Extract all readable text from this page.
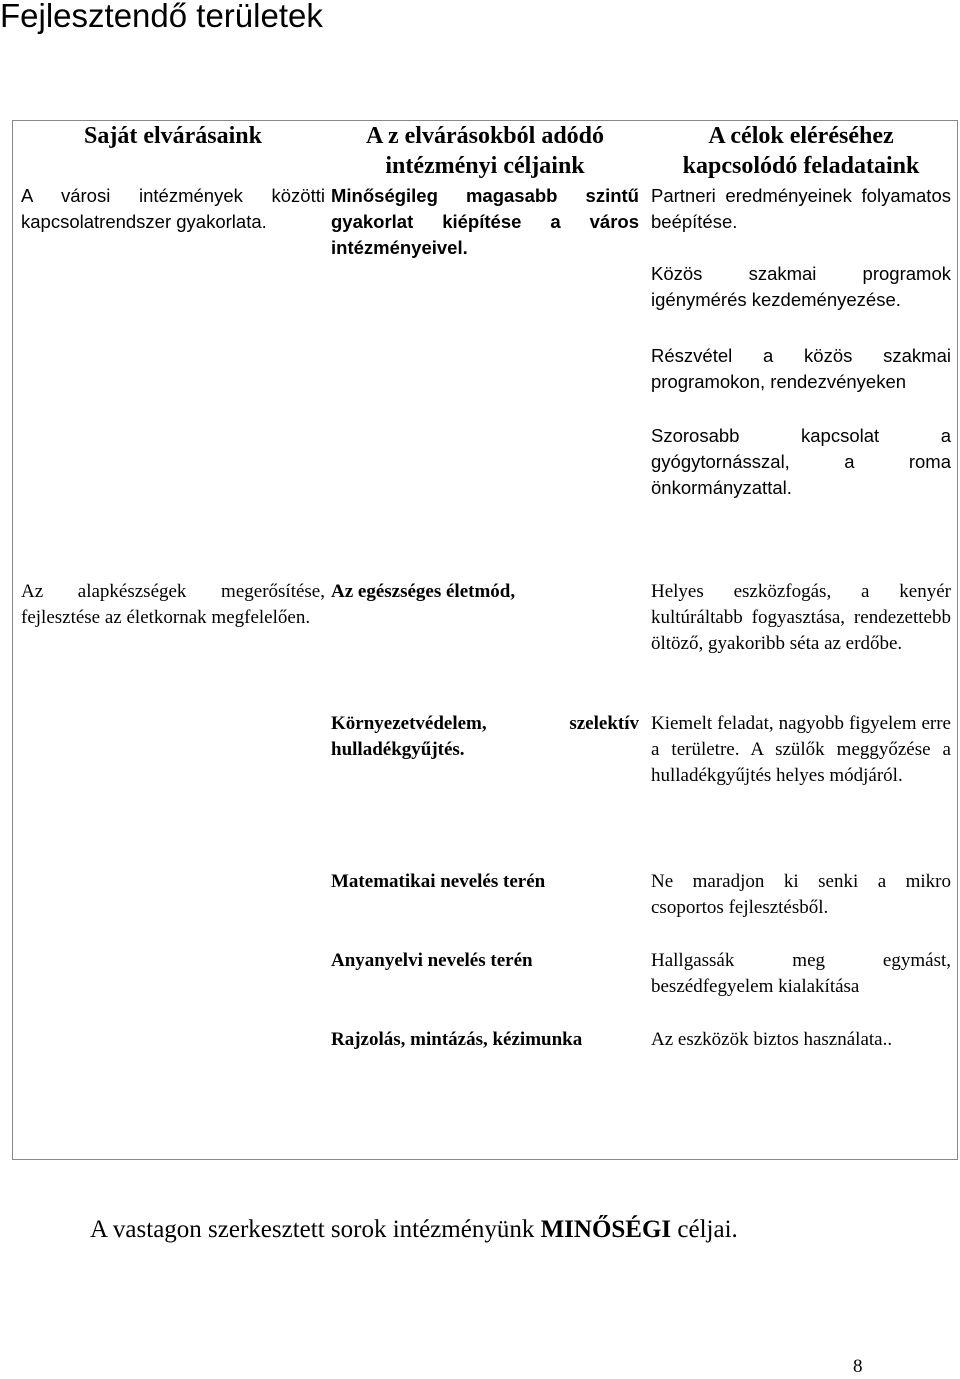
Fejlesztendő területek
Saját elvárásaink
A városi intézmények közötti kapcsolatrendszer gyakorlata.
Az alapkészségek megerősítése, fejlesztése az életkornak megfelelően.
A z elvárásokból adódó intézményi céljaink
Minőségileg magasabb szintű gyakorlat kiépítése a város intézményeivel.
Az egészséges életmód,
Környezetvédelem, szelektív hulladékgyűjtés.
Matematikai nevelés terén
Anyanyelvi nevelés terén
Rajzolás, mintázás, kézimunka
A célok eléréséhez kapcsolódó feladataink
Partneri eredményeinek folyamatos beépítése.
Közös szakmai programok igénymérés kezdeményezése.
Részvétel a közös szakmai programokon, rendezvényeken
Szorosabb kapcsolat a gyógytornásszal, a roma önkormányzattal.
Helyes eszközfogás, a kenyér kultúráltabb fogyasztása, rendezettebb öltöző, gyakoribb séta az erdőbe.
Kiemelt feladat, nagyobb figyelem erre a területre. A szülők meggyőzése a hulladékgyűjtés helyes módjáról.
Ne maradjon ki senki a mikro csoportos fejlesztésből.
Hallgassák meg egymást, beszédfegyelem kialakítása
Az eszközök biztos használata..

A vastagon szerkesztett sorok intézményünk MINŐSÉGI céljai.

8
